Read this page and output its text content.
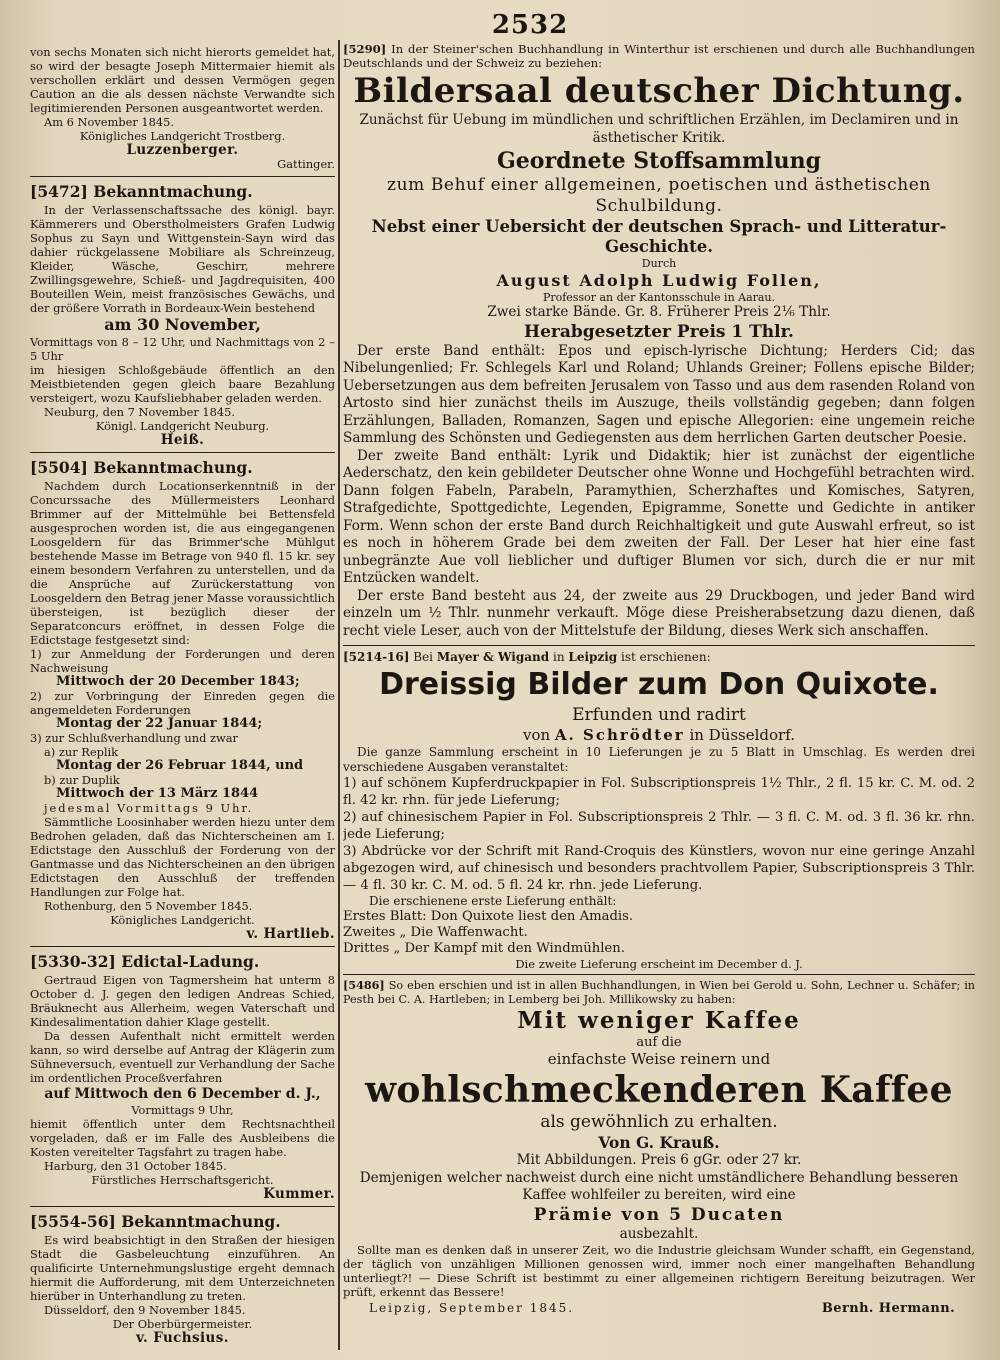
2532

von sechs Monaten sich nicht hierorts gemeldet hat, so wird der besagte Joseph Mittermaier hiemit als verschollen erklärt und dessen Vermögen gegen Caution an die als dessen nächste Verwandte sich legitimierenden Personen ausgeantwortet werden.

Am 6 November 1845.

Königliches Landgericht Trostberg.

Luzzenberger.

Gattinger.

[5472] Bekanntmachung.

In der Verlassenschaftssache des königl. bayr. Kämmerers und Oberstholmeisters Grafen Ludwig Sophus zu Sayn und Wittgenstein-Sayn wird das dahier rückgelassene Mobiliare als Schreinzeug, Kleider, Wäsche, Geschirr, mehrere Zwillingsgewehre, Schieß- und Jagdrequisiten, 400 Bouteillen Wein, meist französisches Gewächs, und der größere Vorrath in Bordeaux-Wein bestehend

am 30 November,

Vormittags von 8 – 12 Uhr, und Nachmittags von 2 – 5 Uhr

im hiesigen Schloßgebäude öffentlich an den Meistbietenden gegen gleich baare Bezahlung versteigert, wozu Kaufsliebhaber geladen werden.

Neuburg, den 7 November 1845.

Königl. Landgericht Neuburg.

Heiß.

[5504] Bekanntmachung.

Nachdem durch Locationserkenntniß in der Concurssache des Müllermeisters Leonhard Brimmer auf der Mittelmühle bei Bettensfeld ausgesprochen worden ist, die aus eingegangenen Loosgeldern für das Brimmer'sche Mühlgut bestehende Masse im Betrage von 940 fl. 15 kr. sey einem besondern Verfahren zu unterstellen, und da die Ansprüche auf Zurückerstattung von Loosgeldern den Betrag jener Masse voraussichtlich übersteigen, ist bezüglich dieser der Separatconcurs eröffnet, in dessen Folge die Edictstage festgesetzt sind:

1) zur Anmeldung der Forderungen und deren Nachweisung

Mittwoch der 20 December 1843;

2) zur Vorbringung der Einreden gegen die angemeldeten Forderungen

Montag der 22 Januar 1844;

3) zur Schlußverhandlung und zwar

a) zur Replik

Montag der 26 Februar 1844, und

b) zur Duplik

Mittwoch der 13 März 1844

jedesmal Vormittags 9 Uhr.

Sämmtliche Loosinhaber werden hiezu unter dem Bedrohen geladen, daß das Nichterscheinen am I. Edictstage den Ausschluß der Forderung von der Gantmasse und das Nichterscheinen an den übrigen Edictstagen den Ausschluß der treffenden Handlungen zur Folge hat.

Rothenburg, den 5 November 1845.

Königliches Landgericht.

v. Hartlieb.

[5330-32] Edictal-Ladung.

Gertraud Eigen von Tagmersheim hat unterm 8 October d. J. gegen den ledigen Andreas Schied, Bräuknecht aus Allerheim, wegen Vaterschaft und Kindesalimentation dahier Klage gestellt.

Da dessen Aufenthalt nicht ermittelt werden kann, so wird derselbe auf Antrag der Klägerin zum Sühneversuch, eventuell zur Verhandlung der Sache im ordentlichen Proceßverfahren

auf Mittwoch den 6 December d. J.,

Vormittags 9 Uhr,

hiemit öffentlich unter dem Rechtsnachtheil vorgeladen, daß er im Falle des Ausbleibens die Kosten vereitelter Tagsfahrt zu tragen habe.

Harburg, den 31 October 1845.

Fürstliches Herrschaftsgericht.

Kummer.

[5554-56] Bekanntmachung.

Es wird beabsichtigt in den Straßen der hiesigen Stadt die Gasbeleuchtung einzuführen. An qualificirte Unternehmungslustige ergeht demnach hiermit die Aufforderung, mit dem Unterzeichneten hierüber in Unterhandlung zu treten.

Düsseldorf, den 9 November 1845.

Der Oberbürgermeister.

v. Fuchsius.

[5290] In der Steiner'schen Buchhandlung in Winterthur ist erschienen und durch alle Buchhandlungen Deutschlands und der Schweiz zu beziehen:

Bildersaal deutscher Dichtung.

Zunächst für Uebung im mündlichen und schriftlichen Erzählen, im Declamiren und in ästhetischer Kritik.

Geordnete Stoffsammlung

zum Behuf einer allgemeinen, poetischen und ästhetischen Schulbildung.

Nebst einer Uebersicht der deutschen Sprach- und Litteratur-Geschichte.

Durch

August Adolph Ludwig Follen,

Professor an der Kantonsschule in Aarau.

Zwei starke Bände. Gr. 8. Früherer Preis 2⅙ Thlr.

Herabgesetzter Preis 1 Thlr.

Der erste Band enthält: Epos und episch-lyrische Dichtung; Herders Cid; das Nibelungenlied; Fr. Schlegels Karl und Roland; Uhlands Greiner; Follens epische Bilder; Uebersetzungen aus dem befreiten Jerusalem von Tasso und aus dem rasenden Roland von Artosto sind hier zunächst theils im Auszuge, theils vollständig gegeben; dann folgen Erzählungen, Balladen, Romanzen, Sagen und epische Allegorien: eine ungemein reiche Sammlung des Schönsten und Gediegensten aus dem herrlichen Garten deutscher Poesie.

Der zweite Band enthält: Lyrik und Didaktik; hier ist zunächst der eigentliche Aederschatz, den kein gebildeter Deutscher ohne Wonne und Hochgefühl betrachten wird. Dann folgen Fabeln, Parabeln, Paramythien, Scherzhaftes und Komisches, Satyren, Strafgedichte, Spottgedichte, Legenden, Epigramme, Sonette und Gedichte in antiker Form. Wenn schon der erste Band durch Reichhaltigkeit und gute Auswahl erfreut, so ist es noch in höherem Grade bei dem zweiten der Fall. Der Leser hat hier eine fast unbegränzte Aue voll lieblicher und duftiger Blumen vor sich, durch die er nur mit Entzücken wandelt.

Der erste Band besteht aus 24, der zweite aus 29 Druckbogen, und jeder Band wird einzeln um ½ Thlr. nunmehr verkauft. Möge diese Preisherabsetzung dazu dienen, daß recht viele Leser, auch von der Mittelstufe der Bildung, dieses Werk sich anschaffen.

[5214-16] Bei Mayer & Wigand in Leipzig ist erschienen:

Dreissig Bilder zum Don Quixote.

Erfunden und radirt

von A. Schrödter in Düsseldorf.

Die ganze Sammlung erscheint in 10 Lieferungen je zu 5 Blatt in Umschlag. Es werden drei verschiedene Ausgaben veranstaltet:

1) auf schönem Kupferdruckpapier in Fol. Subscriptionspreis 1½ Thlr., 2 fl. 15 kr. C. M. od. 2 fl. 42 kr. rhn. für jede Lieferung;

2) auf chinesischem Papier in Fol. Subscriptionspreis 2 Thlr. — 3 fl. C. M. od. 3 fl. 36 kr. rhn. jede Lieferung;

3) Abdrücke vor der Schrift mit Rand-Croquis des Künstlers, wovon nur eine geringe Anzahl abgezogen wird, auf chinesisch und besonders prachtvollem Papier, Subscriptionspreis 3 Thlr. — 4 fl. 30 kr. C. M. od. 5 fl. 24 kr. rhn. jede Lieferung.

Die erschienene erste Lieferung enthält:

Erstes Blatt: Don Quixote liest den Amadis.

Zweites „ Die Waffenwacht.

Drittes „ Der Kampf mit den Windmühlen.

Die zweite Lieferung erscheint im December d. J.

[5486] So eben erschien und ist in allen Buchhandlungen, in Wien bei Gerold u. Sohn, Lechner u. Schäfer; in Pesth bei C. A. Hartleben; in Lemberg bei Joh. Millikowsky zu haben:

Mit weniger Kaffee

auf die

einfachste Weise reinern und

wohlschmeckenderen Kaffee

als gewöhnlich zu erhalten.

Von G. Krauß.

Mit Abbildungen. Preis 6 gGr. oder 27 kr.

Demjenigen welcher nachweist durch eine nicht umständlichere Behandlung besseren Kaffee wohlfeiler zu bereiten, wird eine

Prämie von 5 Ducaten

ausbezahlt.

Sollte man es denken daß in unserer Zeit, wo die Industrie gleichsam Wunder schafft, ein Gegenstand, der täglich von unzähligen Millionen genossen wird, immer noch einer mangelhaften Behandlung unterliegt?! — Diese Schrift ist bestimmt zu einer allgemeinen richtigern Bereitung beizutragen. Wer prüft, erkennt das Bessere!

Leipzig, September 1845.	Bernh. Hermann.
